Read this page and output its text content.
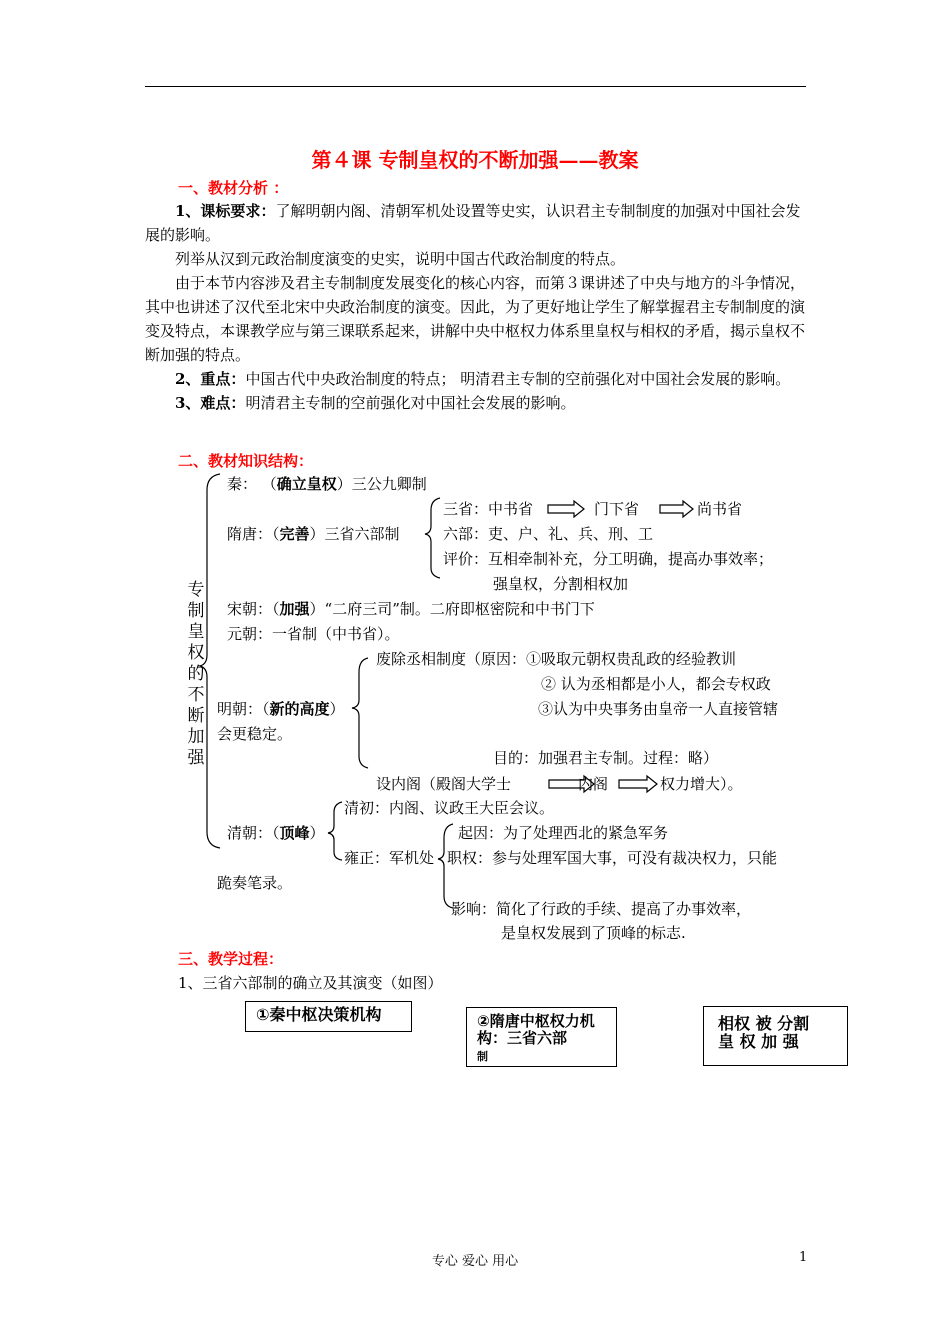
第４课 专制皇权的不断加强——教案
一、教材分析 ：

1、课标要求：了解明朝内阁、清朝军机处设置等史实，认识君主专制制度的加强对中国社会发展的影响。

列举从汉到元政治制度演变的史实，说明中国古代政治制度的特点。

由于本节内容涉及君主专制制度发展变化的核心内容，而第３课讲述了中央与地方的斗争情况，其中也讲述了汉代至北宋中央政治制度的演变。因此，为了更好地让学生了解掌握君主专制制度的演变及特点，本课教学应与第三课联系起来，讲解中央中枢权力体系里皇权与相权的矛盾，揭示皇权不断加强的特点。

2、重点：中国古代中央政治制度的特点； 明清君主专制的空前强化对中国社会发展的影响。

3、难点：明清君主专制的空前强化对中国社会发展的影响。

二、教材知识结构：
专
制
皇
权
的
不
断
加
强
秦： （确立皇权）三公九卿制
三省：中书省	门下省	尚书省
隋唐：（完善）三省六部制	六部：吏、户、礼、兵、刑、工
评价：互相牵制补充，分工明确，提高办事效率；
强皇权，分割相权加
宋朝：（加强）“二府三司”制。二府即枢密院和中书门下
元朝：一省制（中书省）。
废除丞相制度（原因：①吸取元朝权贵乱政的经验教训
② 认为丞相都是小人，都会专权政
明朝：（新的高度）	③认为中央事务由皇帝一人直接管辖
会更稳定。
目的：加强君主专制。过程：略）
设内阁（殿阁大学士	内阁	权力增大）。
清初：内阁、议政王大臣会议。
清朝：（顶峰）	起因：为了处理西北的紧急军务
雍正：军机处 职权：参与处理军国大事，可没有裁决权力，只能
跪奏笔录。
影响：简化了行政的手续、提高了办事效率，
是皇权发展到了顶峰的标志.
三、教学过程：
1、三省六部制的确立及其演变（如图）
①秦中枢决策机构	②隋唐中枢权力机构：三省六部
制
相权 被 分割
皇 权 加 强
专心 爱心 用心	1
